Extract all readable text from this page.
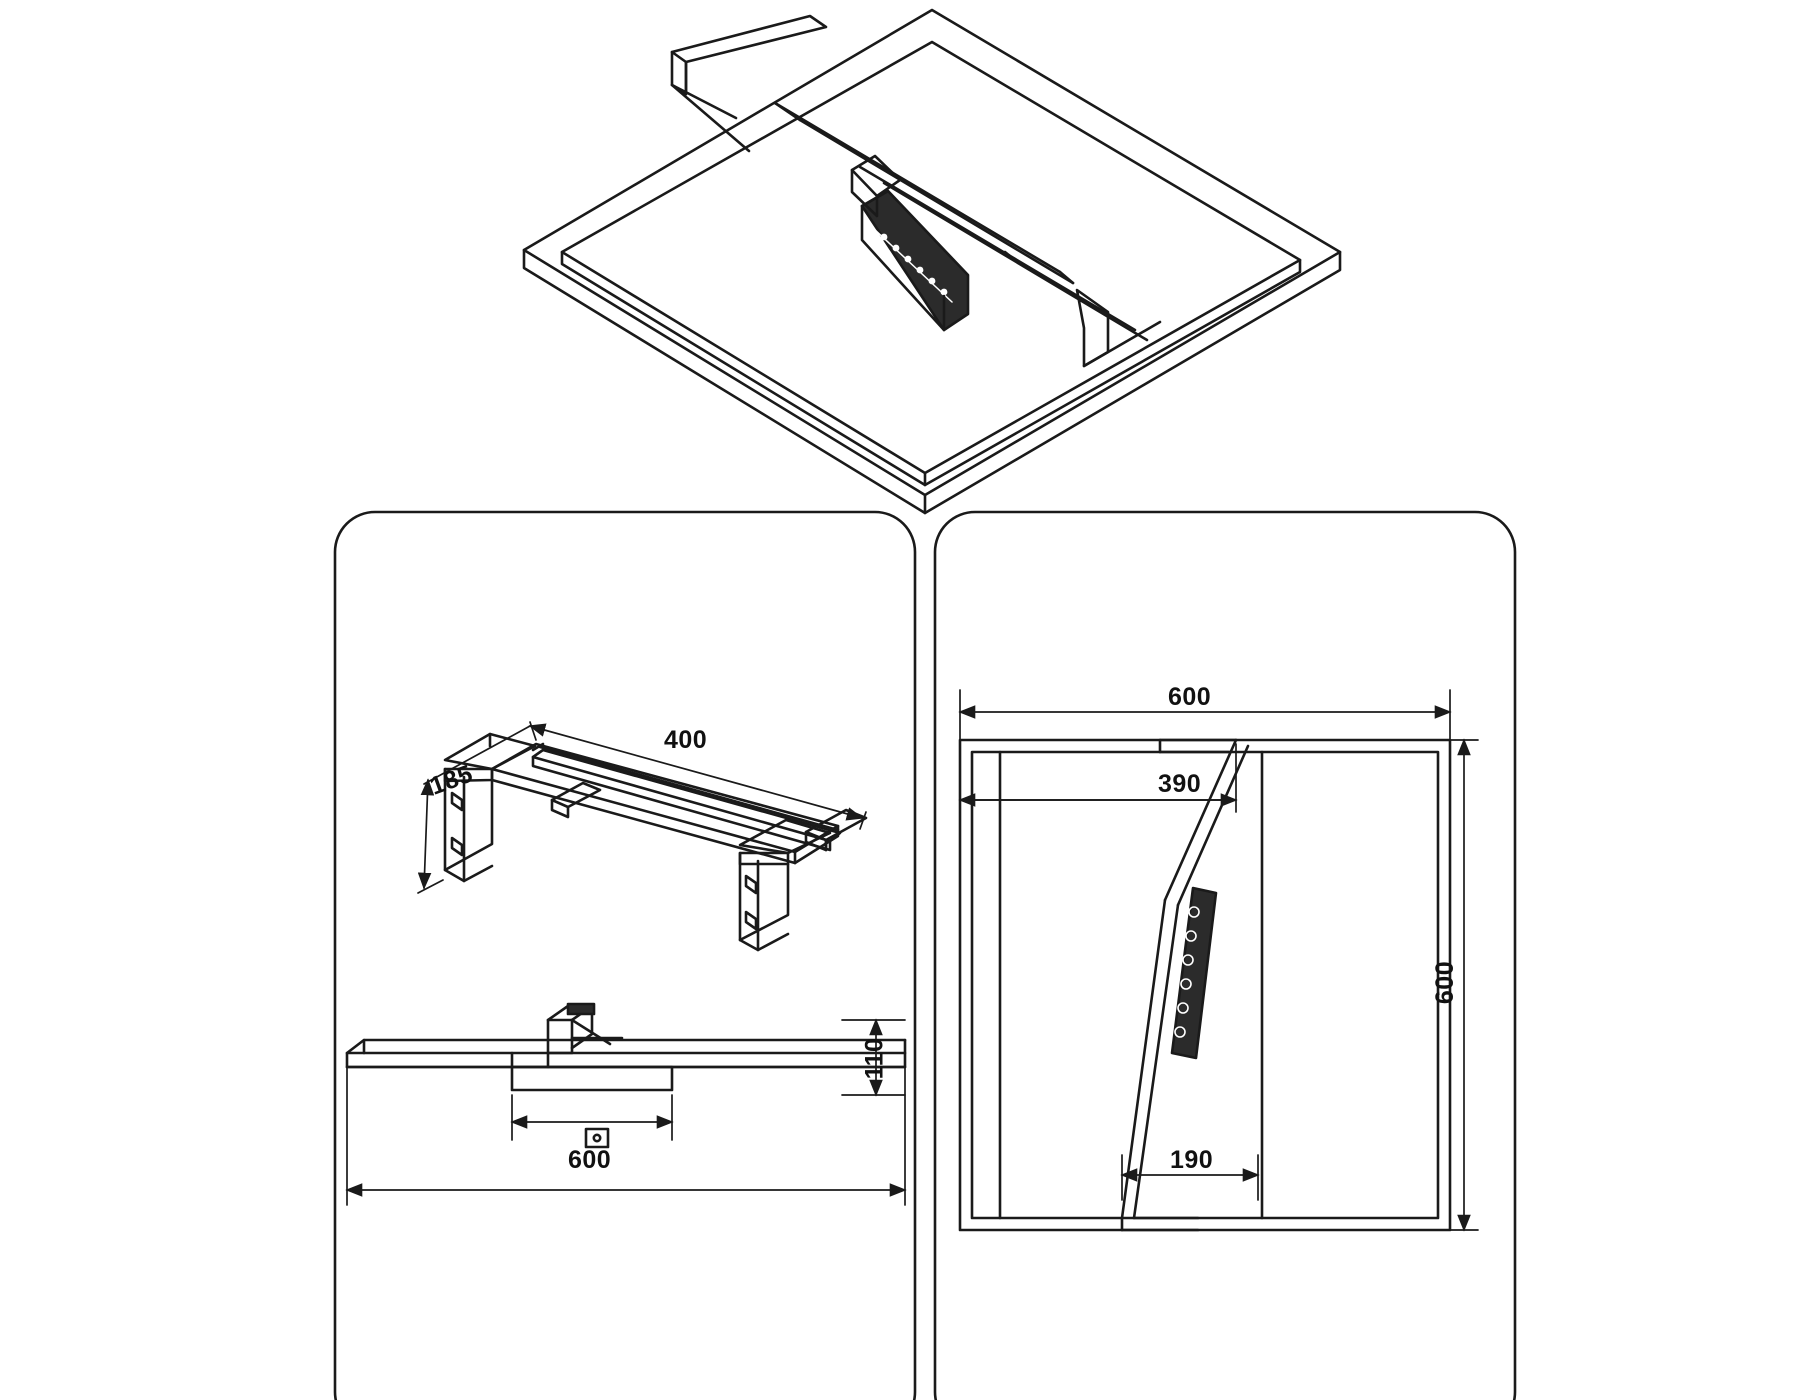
400
185
110
600
600
390
190
600
